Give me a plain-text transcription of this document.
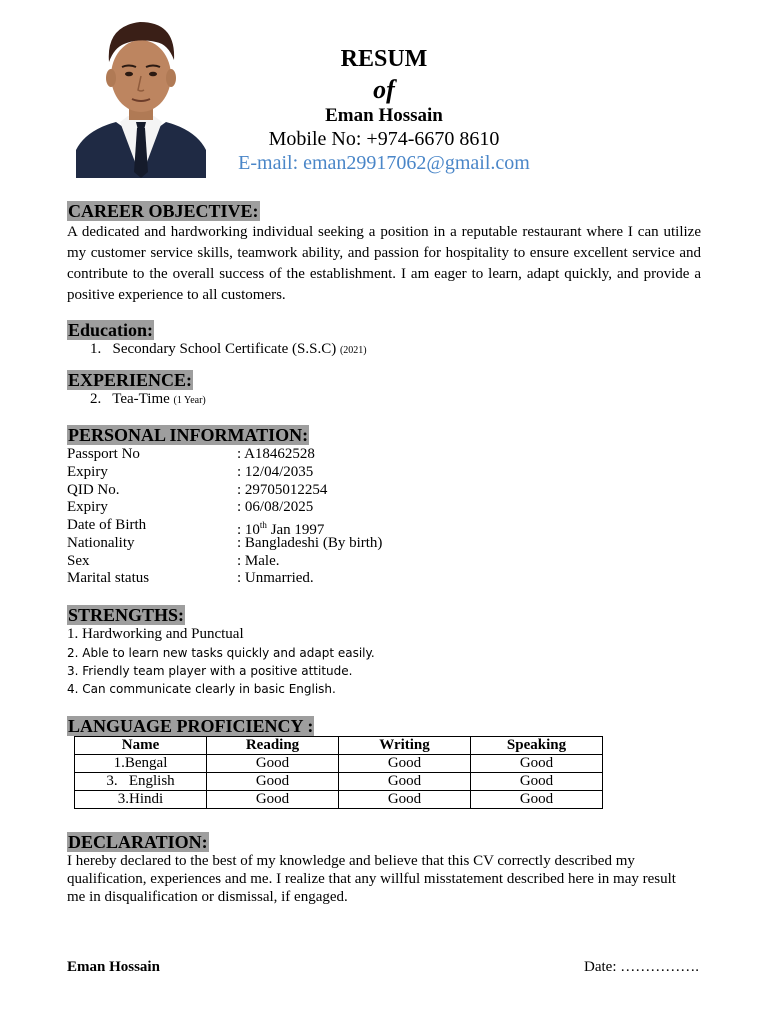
RESUM
of
Eman Hossain
Mobile No: +974-6670 8610
E-mail: eman29917062@gmail.com
CAREER OBJECTIVE:
A dedicated and hardworking individual seeking a position in a reputable restaurant where I can utilize my customer service skills, teamwork ability, and passion for hospitality to ensure excellent service and contribute to the overall success of the establishment. I am eager to learn, adapt quickly, and provide a positive experience to all customers.
Education:
1. Secondary School Certificate (S.S.C) (2021)
EXPERIENCE:
2. Tea-Time (1 Year)
PERSONAL INFORMATION:
Passport No	: A18462528
Expiry	: 12/04/2035
QID No.	: 29705012254
Expiry	: 06/08/2025
Date of Birth	: 10th Jan 1997
Nationality	: Bangladeshi (By birth)
Sex	: Male.
Marital status	: Unmarried.
STRENGTHS:
1. Hardworking and Punctual
2. Able to learn new tasks quickly and adapt easily.
3. Friendly team player with a positive attitude.
4. Can communicate clearly in basic English.
LANGUAGE PROFICIENCY :
Name	Reading	Writing	Speaking
1.Bengal	Good	Good	Good
3.   English	Good	Good	Good
3.Hindi	Good	Good	Good
DECLARATION:
I hereby declared to the best of my knowledge and believe that this CV correctly described my qualification, experiences and me. I realize that any willful misstatement described here in may result me in disqualification or dismissal, if engaged.
Eman Hossain	Date: …………….
